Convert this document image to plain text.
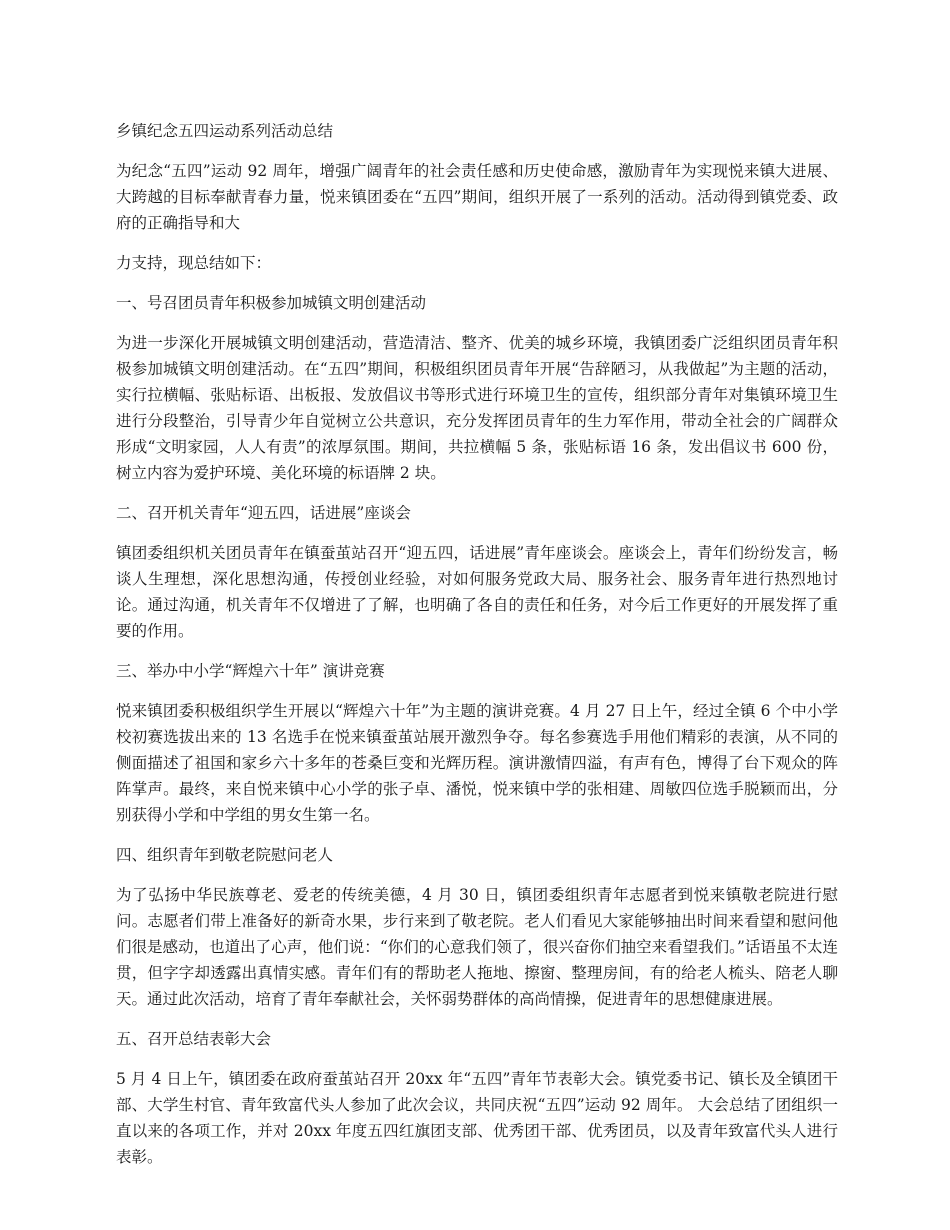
乡镇纪念五四运动系列活动总结

为纪念“五四”运动 92 周年，增强广阔青年的社会责任感和历史使命感，激励青年为实现悦来镇大进展、大跨越的目标奉献青春力量，悦来镇团委在“五四”期间，组织开展了一系列的活动。活动得到镇党委、政府的正确指导和大

力支持，现总结如下：

一、号召团员青年积极参加城镇文明创建活动

为进一步深化开展城镇文明创建活动，营造清洁、整齐、优美的城乡环境，我镇团委广泛组织团员青年积极参加城镇文明创建活动。在“五四”期间，积极组织团员青年开展“告辞陋习，从我做起”为主题的活动，实行拉横幅、张贴标语、出板报、发放倡议书等形式进行环境卫生的宣传，组织部分青年对集镇环境卫生进行分段整治，引导青少年自觉树立公共意识，充分发挥团员青年的生力军作用，带动全社会的广阔群众形成“文明家园，人人有责”的浓厚氛围。期间，共拉横幅 5 条，张贴标语 16 条，发出倡议书 600 份，树立内容为爱护环境、美化环境的标语牌 2 块。

二、召开机关青年“迎五四，话进展”座谈会

镇团委组织机关团员青年在镇蚕茧站召开“迎五四，话进展”青年座谈会。座谈会上，青年们纷纷发言，畅谈人生理想，深化思想沟通，传授创业经验，对如何服务党政大局、服务社会、服务青年进行热烈地讨论。通过沟通，机关青年不仅增进了了解，也明确了各自的责任和任务，对今后工作更好的开展发挥了重要的作用。

三、举办中小学“辉煌六十年” 演讲竞赛

悦来镇团委积极组织学生开展以“辉煌六十年”为主题的演讲竞赛。4 月 27 日上午，经过全镇 6 个中小学校初赛选拔出来的 13 名选手在悦来镇蚕茧站展开激烈争夺。每名参赛选手用他们精彩的表演，从不同的侧面描述了祖国和家乡六十多年的苍桑巨变和光辉历程。演讲激情四溢，有声有色，博得了台下观众的阵阵掌声。最终，来自悦来镇中心小学的张子卓、潘悦，悦来镇中学的张相建、周敏四位选手脱颖而出，分别获得小学和中学组的男女生第一名。

四、组织青年到敬老院慰问老人

为了弘扬中华民族尊老、爱老的传统美德，4 月 30 日，镇团委组织青年志愿者到悦来镇敬老院进行慰问。志愿者们带上准备好的新奇水果，步行来到了敬老院。老人们看见大家能够抽出时间来看望和慰问他们很是感动，也道出了心声，他们说：“你们的心意我们领了，很兴奋你们抽空来看望我们。”话语虽不太连贯，但字字却透露出真情实感。青年们有的帮助老人拖地、擦窗、整理房间，有的给老人梳头、陪老人聊天。通过此次活动，培育了青年奉献社会，关怀弱势群体的高尚情操，促进青年的思想健康进展。

五、召开总结表彰大会

5 月 4 日上午，镇团委在政府蚕茧站召开 20xx 年“五四”青年节表彰大会。镇党委书记、镇长及全镇团干部、大学生村官、青年致富代头人参加了此次会议，共同庆祝“五四”运动 92 周年。 大会总结了团组织一直以来的各项工作，并对 20xx 年度五四红旗团支部、优秀团干部、优秀团员，以及青年致富代头人进行表彰。
